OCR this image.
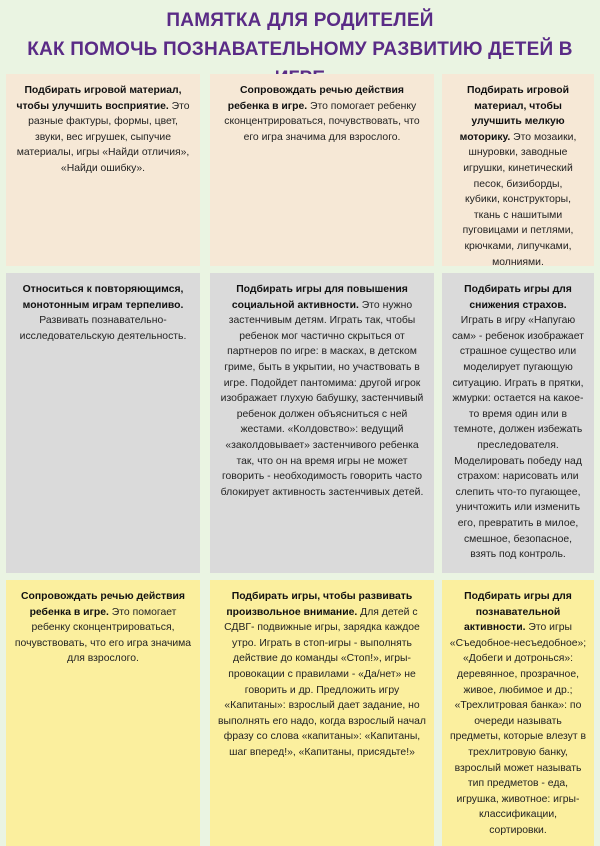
ПАМЯТКА ДЛЯ РОДИТЕЛЕЙ
КАК ПОМОЧЬ ПОЗНАВАТЕЛЬНОМУ РАЗВИТИЮ ДЕТЕЙ В

Подбирать игровой материал, чтобы улучшить восприятие. Это разные фактуры, формы, цвет, звуки, вес игрушек, сыпучие материалы, игры «Найди отличия», «Найди ошибку».

Сопровождать речью действия ребенка в игре. Это помогает ребенку сконцентрироваться, почувствовать, что его игра значима для взрослого.

Подбирать игровой материал, чтобы улучшить мелкую моторику. Это мозаики, шнуровки, заводные игрушки, кинетический песок, бизиборды, кубики, конструкторы, ткань с нашитыми пуговицами и петлями, крючками, липучками, молниями.

Относиться к повторяющимся, монотонным играм терпеливо.

Развивать познавательно-исследовательскую деятельность.

Подбирать игры для повышения социальной активности. Это нужно застенчивым детям. Играть так, чтобы ребенок мог частично скрыться от партнеров по игре: в масках, в детском гриме, быть в укрытии, но участвовать в игре. Подойдет пантомима: другой игрок изображает глухую бабушку, застенчивый ребенок должен объясниться с ней жестами. «Колдовство»: ведущий «заколдовывает» застенчивого ребенка так, что он на время игры не может говорить - необходимость говорить часто блокирует активность застенчивых детей.

Подбирать игры для снижения страхов. Играть в игру «Напугаю сам» - ребенок изображает страшное существо или моделирует пугающую ситуацию. Играть в прятки, жмурки: остается на какое-то время один или в темноте, должен избежать преследователя.

Моделировать победу над страхом: нарисовать или слепить что-то пугающее, уничтожить или изменить его, превратить в милое, смешное, безопасное, взять под контроль.

Сопровождать речью действия ребенка в игре. Это помогает ребенку сконцентрироваться, почувствовать, что его игра значима для взрослого.

Подбирать игры, чтобы развивать произвольное внимание. Для детей с СДВГ- подвижные игры, зарядка каждое утро. Играть в стоп-игры - выполнять действие до команды «Стоп!», игры-провокации с правилами - «Да/нет» не говорить и др. Предложить игру «Капитаны»: взрослый дает задание, но выполнять его надо, когда взрослый начал фразу со слова «капитаны»: «Капитаны, шаг вперед!», «Капитаны, присядьте!»

Подбирать игры для познавательной активности. Это игры «Съедобное-несъедобное»; «Добеги и дотронься»: деревянное, прозрачное, живое, любимое и др.; «Трехлитровая банка»: по очереди называть предметы, которые влезут в трехлитровую банку, взрослый может называть тип предметов - еда, игрушка, животное: игры-классификации, сортировки.
